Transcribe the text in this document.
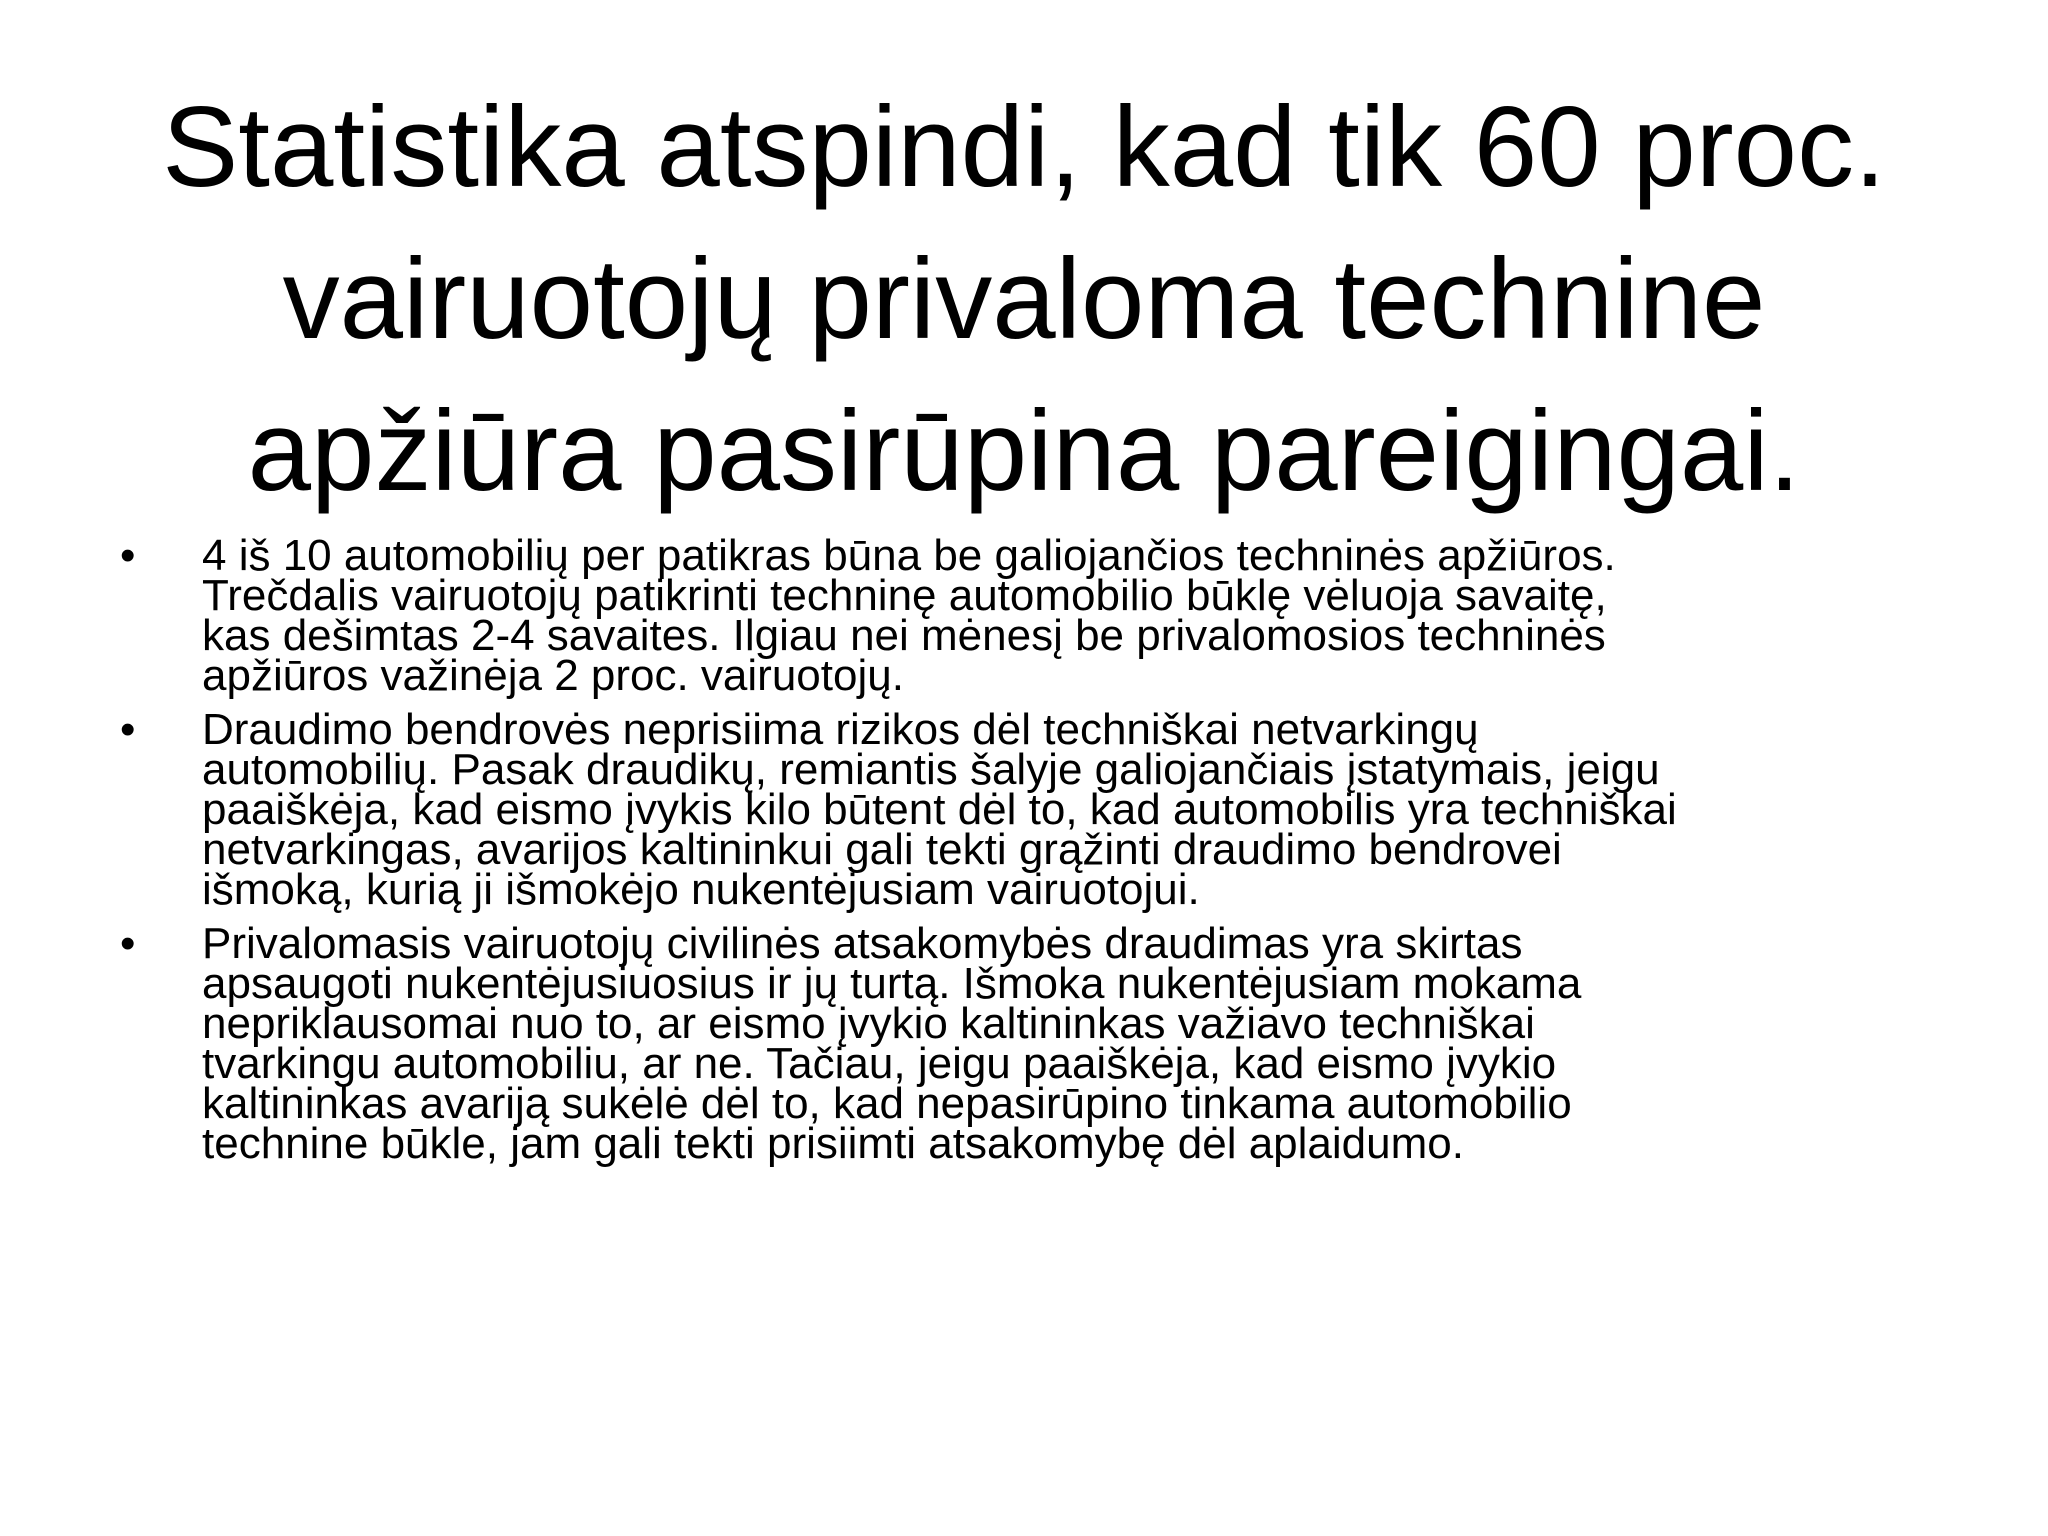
Statistika atspindi, kad tik 60 proc.
vairuotojų privaloma technine
apžiūra pasirūpina pareigingai.
• 4 iš 10 automobilių per patikras būna be galiojančios techninės apžiūros.
Trečdalis vairuotojų patikrinti techninę automobilio būklę vėluoja savaitę,
kas dešimtas 2-4 savaites. Ilgiau nei mėnesį be privalomosios techninės
apžiūros važinėja 2 proc. vairuotojų.
• Draudimo bendrovės neprisiima rizikos dėl techniškai netvarkingų
automobilių. Pasak draudikų, remiantis šalyje galiojančiais įstatymais, jeigu
paaiškėja, kad eismo įvykis kilo būtent dėl to, kad automobilis yra techniškai
netvarkingas, avarijos kaltininkui gali tekti grąžinti draudimo bendrovei
išmoką, kurią ji išmokėjo nukentėjusiam vairuotojui.
• Privalomasis vairuotojų civilinės atsakomybės draudimas yra skirtas
apsaugoti nukentėjusiuosius ir jų turtą. Išmoka nukentėjusiam mokama
nepriklausomai nuo to, ar eismo įvykio kaltininkas važiavo techniškai
tvarkingu automobiliu, ar ne. Tačiau, jeigu paaiškėja, kad eismo įvykio
kaltininkas avariją sukėlė dėl to, kad nepasirūpino tinkama automobilio
technine būkle, jam gali tekti prisiimti atsakomybę dėl aplaidumo.
